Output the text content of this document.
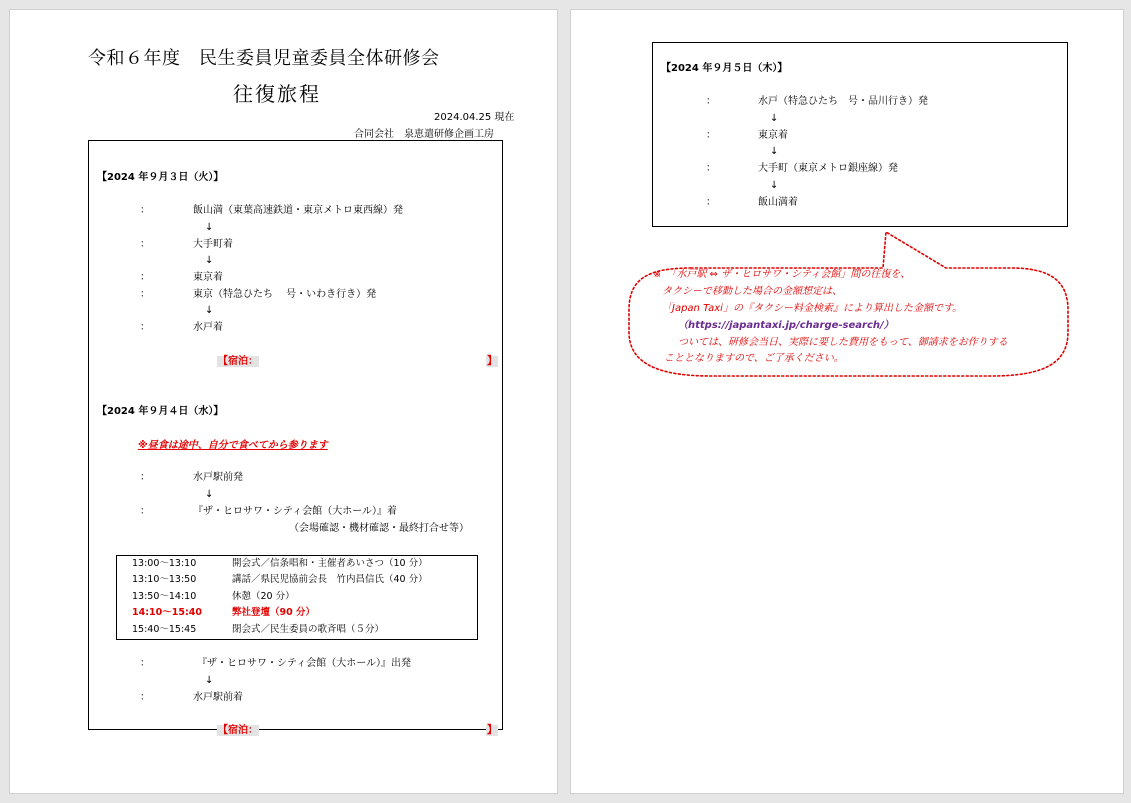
令和６年度　民生委員児童委員全体研修会
往復旅程
2024.04.25 現在
合同会社　泉恵遣研修企画工房
【2024 年９月３日（火）】
：	飯山満（東葉高速鉄道・東京メトロ東西線）発
↓
：	大手町着
↓
：	東京着
：	東京（特急ひたち　 号・いわき行き）発
↓
：	水戸着
【宿泊：	】
【2024 年９月４日（水）】
※昼食は途中、自分で食べてから参ります
：	水戸駅前発
↓
：	『ザ・ヒロサワ・シティ会館（大ホール）』着
（会場確認・機材確認・最終打合せ等）
13:00～13:10	開会式／信条唱和・主催者あいさつ（10 分）
13:10～13:50	講話／県民児協前会長　竹内昌信氏（40 分）
13:50～14:10	休憩（20 分）
14:10～15:40	弊社登壇（90 分）
15:40～15:45	閉会式／民生委員の歌斉唱（５分）
：	『ザ・ヒロサワ・シティ会館（大ホール）』出発
↓
：	水戸駅前着
【宿泊：	】
【2024 年９月５日（木）】
：	水戸（特急ひたち　号・品川行き）発
↓
：	東京着
↓
：	大手町（東京メトロ銀座線）発
↓
：	飯山満着
※　「水戸駅 ⇔ ザ・ヒロサワ・シティ会館」間の往復を、
タクシーで移動した場合の金額想定は、
「Japan Taxi」の『タクシー料金検索』により算出した金額です。
（https://japantaxi.jp/charge-search/）
ついては、研修会当日、実際に要した費用をもって、御請求をお作りする
こととなりますので、ご了承ください。
